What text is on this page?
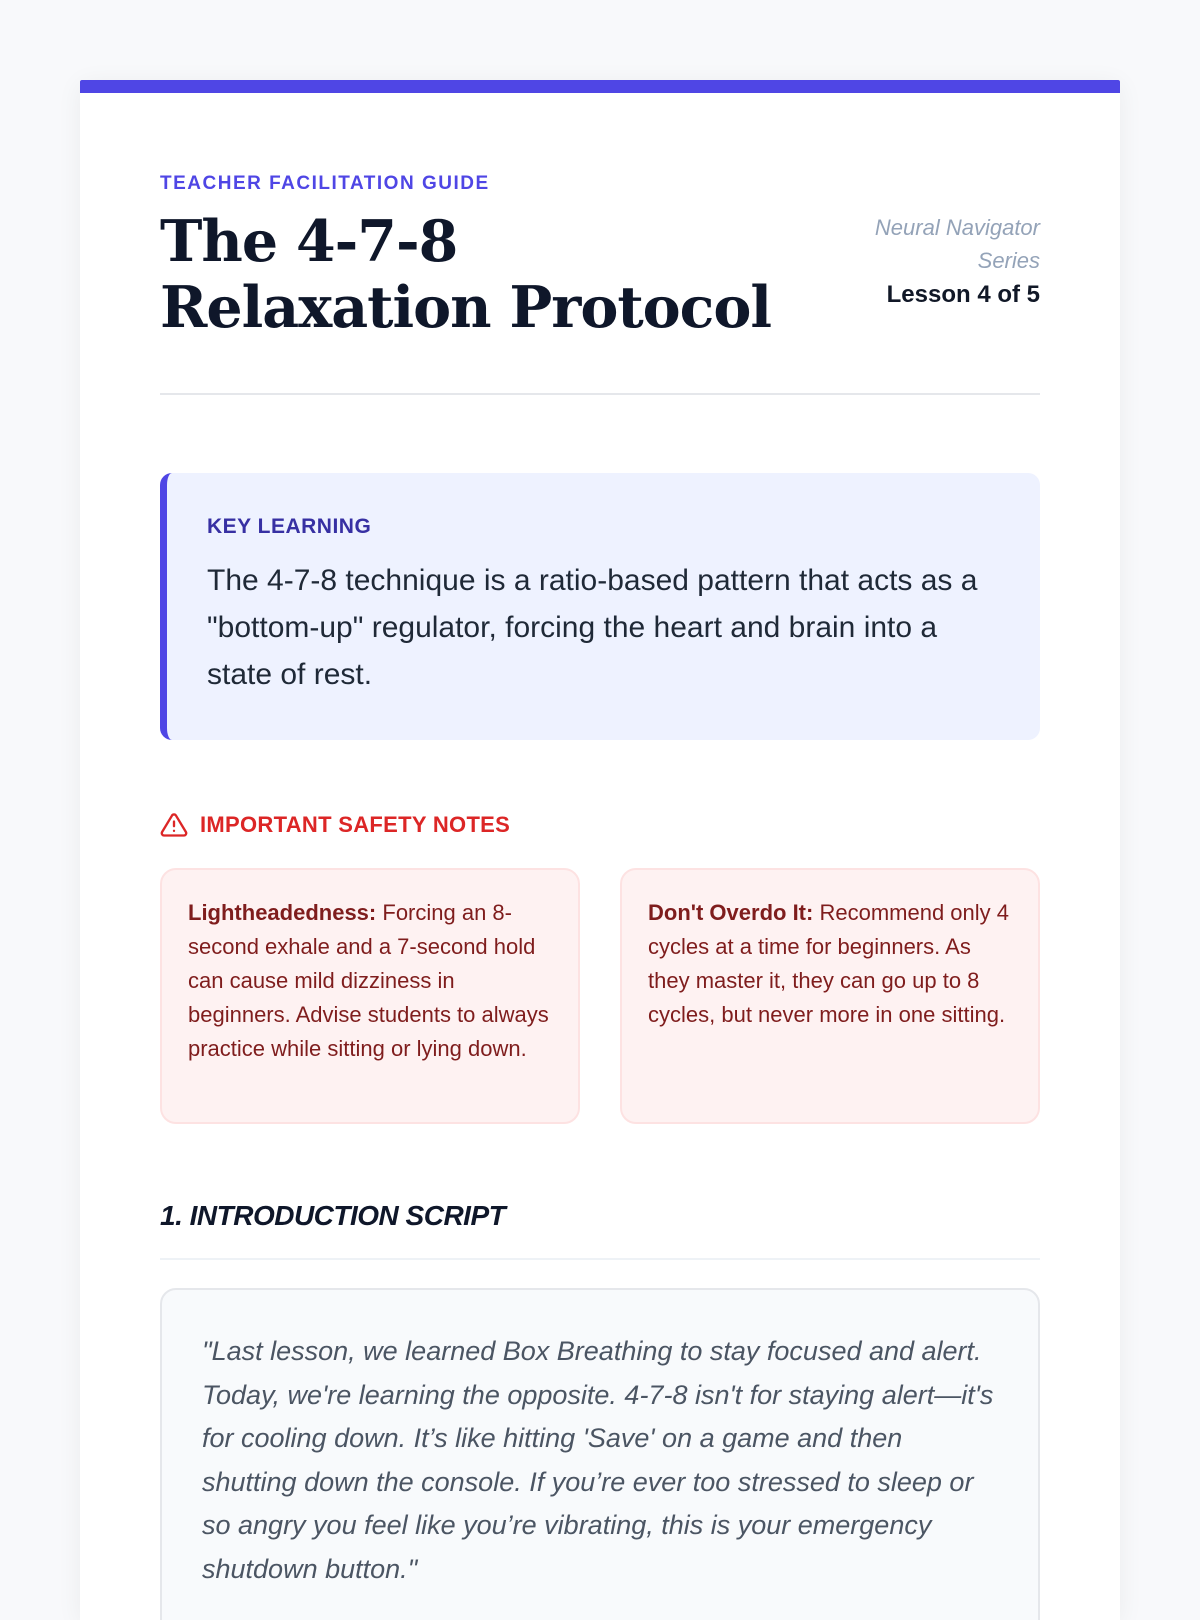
TEACHER FACILITATION GUIDE
The 4-7-8 Relaxation Protocol
Neural Navigator Series
Lesson 4 of 5
KEY LEARNING

The 4-7-8 technique is a ratio-based pattern that acts as a "bottom-up" regulator, forcing the heart and brain into a state of rest.

IMPORTANT SAFETY NOTES
Lightheadedness: Forcing an 8-second exhale and a 7-second hold can cause mild dizziness in beginners. Advise students to always practice while sitting or lying down.
Don't Overdo It: Recommend only 4 cycles at a time for beginners. As they master it, they can go up to 8 cycles, but never more in one sitting.
1. INTRODUCTION SCRIPT

"Last lesson, we learned Box Breathing to stay focused and alert. Today, we're learning the opposite. 4-7-8 isn't for staying alert—it's for cooling down. It’s like hitting 'Save' on a game and then shutting down the console. If you’re ever too stressed to sleep or so angry you feel like you’re vibrating, this is your emergency shutdown button."
